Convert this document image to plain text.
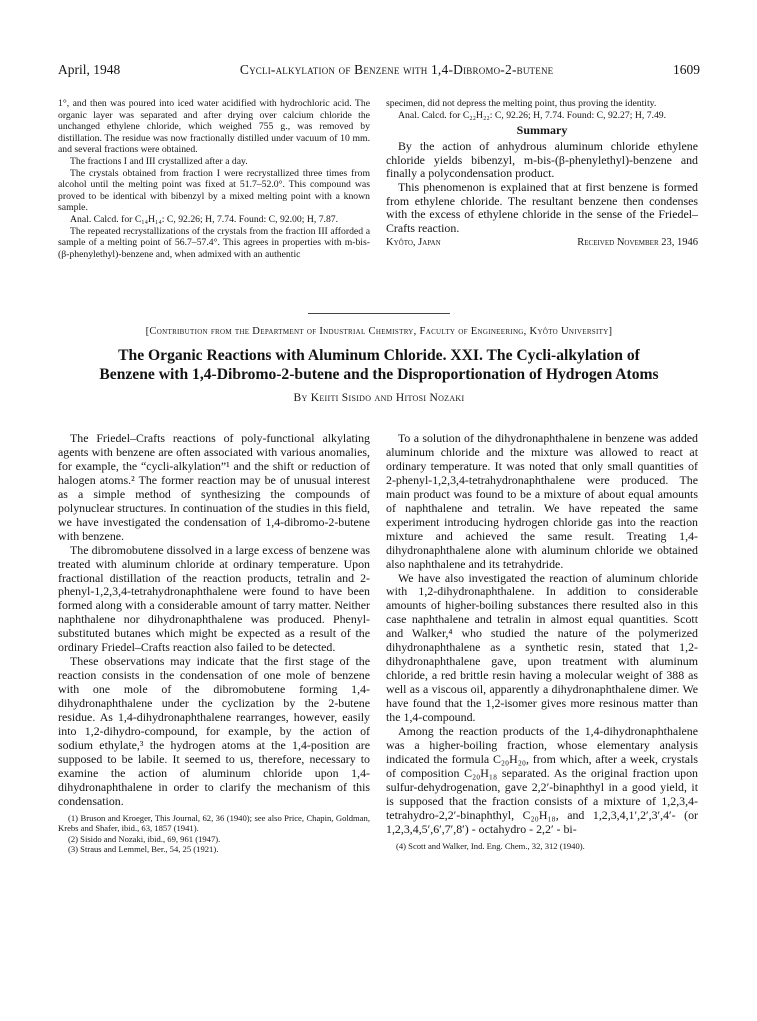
April, 1948	Cycli-alkylation of Benzene with 1,4-Dibromo-2-butene	1609

1°, and then was poured into iced water acidified with hydrochloric acid. The organic layer was separated and after drying over calcium chloride the unchanged ethylene chloride, which weighed 755 g., was removed by distillation. The residue was now fractionally distilled under vacuum of 10 mm. and several fractions were obtained.

The fractions I and III crystallized after a day.

The crystals obtained from fraction I were recrystallized three times from alcohol until the melting point was fixed at 51.7–52.0°. This compound was proved to be identical with bibenzyl by a mixed melting point with a known sample.

Anal. Calcd. for C₁₄H₁₄: C, 92.26; H, 7.74. Found: C, 92.00; H, 7.87.

The repeated recrystallizations of the crystals from the fraction III afforded a sample of a melting point of 56.7–57.4°. This agrees in properties with m-bis-(β-phenylethyl)-benzene and, when admixed with an authentic

specimen, did not depress the melting point, thus proving the identity.

Anal. Calcd. for C₂₂H₂₂: C, 92.26; H, 7.74. Found: C, 92.27; H, 7.49.

Summary

By the action of anhydrous aluminum chloride ethylene chloride yields bibenzyl, m-bis-(β-phenylethyl)-benzene and finally a polycondensation product.

This phenomenon is explained that at first benzene is formed from ethylene chloride. The resultant benzene then condenses with the excess of ethylene chloride in the sense of the Friedel–Crafts reaction.

Kyôto, Japan	Received November 23, 1946
[Contribution from the Department of Industrial Chemistry, Faculty of Engineering, Kyôto University]
The Organic Reactions with Aluminum Chloride. XXI. The Cycli-alkylation of
Benzene with 1,4-Dibromo-2-butene and the Disproportionation of Hydrogen Atoms
By Keiiti Sisido and Hitosi Nozaki

The Friedel–Crafts reactions of poly-functional alkylating agents with benzene are often associated with various anomalies, for example, the “cycli-alkylation”¹ and the shift or reduction of halogen atoms.² The former reaction may be of unusual interest as a simple method of synthesizing the compounds of polynuclear structures. In continuation of the studies in this field, we have investigated the condensation of 1,4-dibromo-2-butene with benzene.

The dibromobutene dissolved in a large excess of benzene was treated with aluminum chloride at ordinary temperature. Upon fractional distillation of the reaction products, tetralin and 2-phenyl-1,2,3,4-tetrahydronaphthalene were found to have been formed along with a considerable amount of tarry matter. Neither naphthalene nor dihydronaphthalene was produced. Phenyl-substituted butanes which might be expected as a result of the ordinary Friedel–Crafts reaction also failed to be detected.

These observations may indicate that the first stage of the reaction consists in the condensation of one mole of benzene with one mole of the dibromobutene forming 1,4-dihydronaphthalene under the cyclization by the 2-butene residue. As 1,4-dihydronaphthalene rearranges, however, easily into 1,2-dihydro-compound, for example, by the action of sodium ethylate,³ the hydrogen atoms at the 1,4-position are supposed to be labile. It seemed to us, therefore, necessary to examine the action of aluminum chloride upon 1,4-dihydronaphthalene in order to clarify the mechanism of this condensation.

(1) Bruson and Kroeger, This Journal, 62, 36 (1940); see also Price, Chapin, Goldman, Krebs and Shafer, ibid., 63, 1857 (1941).
(2) Sisido and Nozaki, ibid., 69, 961 (1947).
(3) Straus and Lemmel, Ber., 54, 25 (1921).

To a solution of the dihydronaphthalene in benzene was added aluminum chloride and the mixture was allowed to react at ordinary temperature. It was noted that only small quantities of 2-phenyl-1,2,3,4-tetrahydronaphthalene were produced. The main product was found to be a mixture of about equal amounts of naphthalene and tetralin. We have repeated the same experiment introducing hydrogen chloride gas into the reaction mixture and achieved the same result. Treating 1,4-dihydronaphthalene alone with aluminum chloride we obtained also naphthalene and its tetrahydride.

We have also investigated the reaction of aluminum chloride with 1,2-dihydronaphthalene. In addition to considerable amounts of higher-boiling substances there resulted also in this case naphthalene and tetralin in almost equal quantities. Scott and Walker,⁴ who studied the nature of the polymerized dihydronaphthalene as a synthetic resin, stated that 1,2-dihydronaphthalene gave, upon treatment with aluminum chloride, a red brittle resin having a molecular weight of 388 as well as a viscous oil, apparently a dihydronaphthalene dimer. We have found that the 1,2-isomer gives more resinous matter than the 1,4-compound.

Among the reaction products of the 1,4-dihydronaphthalene was a higher-boiling fraction, whose elementary analysis indicated the formula C₂₀H₂₀, from which, after a week, crystals of composition C₂₀H₁₈ separated. As the original fraction upon sulfur-dehydrogenation, gave 2,2′-binaphthyl in a good yield, it is supposed that the fraction consists of a mixture of 1,2,3,4-tetrahydro-2,2′-binaphthyl, C₂₀H₁₈, and 1,2,3,4,1′,2′,3′,4′- (or 1,2,3,4,5′,6′,7′,8′) - octahydro - 2,2′ - bi-

(4) Scott and Walker, Ind. Eng. Chem., 32, 312 (1940).
